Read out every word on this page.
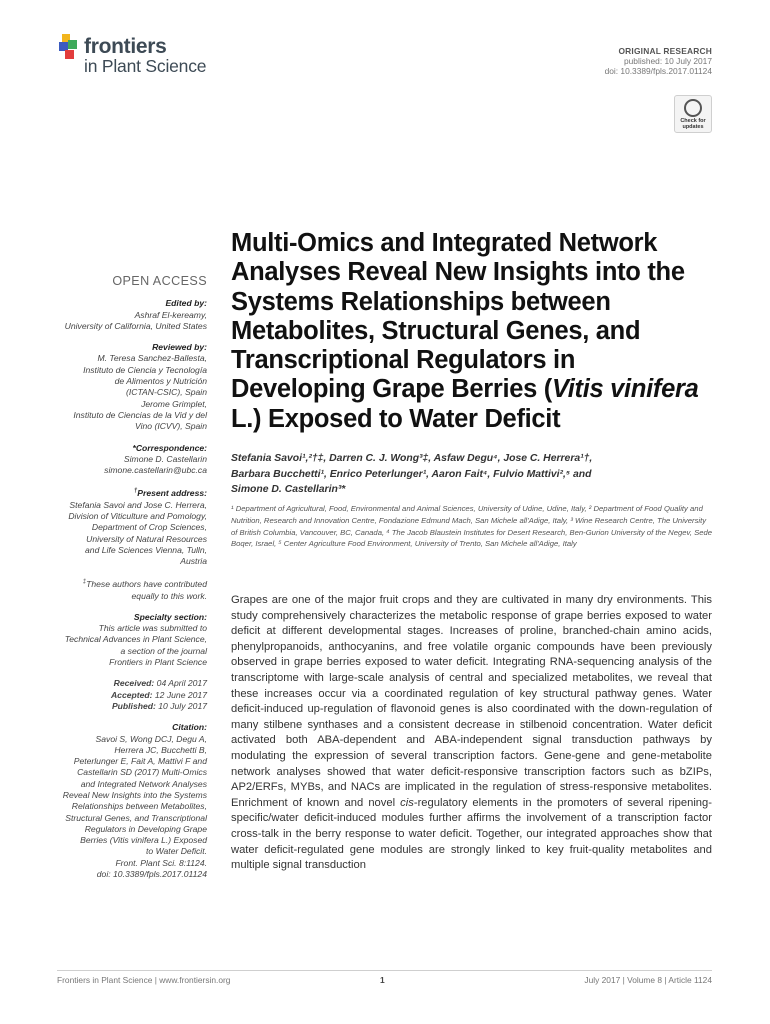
frontiers
in Plant Science
ORIGINAL RESEARCH
published: 10 July 2017
doi: 10.3389/fpls.2017.01124
Check for updates
OPEN ACCESS
Edited by:
Ashraf El-kereamy,
University of California, United States
Reviewed by:
M. Teresa Sanchez-Ballesta,
Instituto de Ciencia y Tecnología
de Alimentos y Nutrición
(ICTAN-CSIC), Spain
Jerome Grimplet,
Instituto de Ciencias de la Vid y del
Vino (ICVV), Spain
*Correspondence:
Simone D. Castellarin
simone.castellarin@ubc.ca
†Present address:
Stefania Savoi and Jose C. Herrera,
Division of Viticulture and Pomology,
Department of Crop Sciences,
University of Natural Resources
and Life Sciences Vienna, Tulln,
Austria
‡These authors have contributed
equally to this work.
Specialty section:
This article was submitted to
Technical Advances in Plant Science,
a section of the journal
Frontiers in Plant Science
Received: 04 April 2017
Accepted: 12 June 2017
Published: 10 July 2017
Citation:
Savoi S, Wong DCJ, Degu A,
Herrera JC, Bucchetti B,
Peterlunger E, Fait A, Mattivi F and
Castellarin SD (2017) Multi-Omics
and Integrated Network Analyses
Reveal New Insights into the Systems
Relationships between Metabolites,
Structural Genes, and Transcriptional
Regulators in Developing Grape
Berries (Vitis vinifera L.) Exposed
to Water Deficit.
Front. Plant Sci. 8:1124.
doi: 10.3389/fpls.2017.01124
Multi-Omics and Integrated Network Analyses Reveal New Insights into the Systems Relationships between Metabolites, Structural Genes, and Transcriptional Regulators in Developing Grape Berries (Vitis vinifera L.) Exposed to Water Deficit
Stefania Savoi¹,²†‡, Darren C. J. Wong³‡, Asfaw Degu⁴, Jose C. Herrera¹†,
Barbara Bucchetti¹, Enrico Peterlunger¹, Aaron Fait⁴, Fulvio Mattivi²,⁵ and
Simone D. Castellarin³*
¹ Department of Agricultural, Food, Environmental and Animal Sciences, University of Udine, Udine, Italy, ² Department of Food Quality and Nutrition, Research and Innovation Centre, Fondazione Edmund Mach, San Michele all'Adige, Italy, ³ Wine Research Centre, The University of British Columbia, Vancouver, BC, Canada, ⁴ The Jacob Blaustein Institutes for Desert Research, Ben-Gurion University of the Negev, Sede Boqer, Israel, ⁵ Center Agriculture Food Environment, University of Trento, San Michele all'Adige, Italy
Grapes are one of the major fruit crops and they are cultivated in many dry environments. This study comprehensively characterizes the metabolic response of grape berries exposed to water deficit at different developmental stages. Increases of proline, branched-chain amino acids, phenylpropanoids, anthocyanins, and free volatile organic compounds have been previously observed in grape berries exposed to water deficit. Integrating RNA-sequencing analysis of the transcriptome with large-scale analysis of central and specialized metabolites, we reveal that these increases occur via a coordinated regulation of key structural pathway genes. Water deficit-induced up-regulation of flavonoid genes is also coordinated with the down-regulation of many stilbene synthases and a consistent decrease in stilbenoid concentration. Water deficit activated both ABA-dependent and ABA-independent signal transduction pathways by modulating the expression of several transcription factors. Gene-gene and gene-metabolite network analyses showed that water deficit-responsive transcription factors such as bZIPs, AP2/ERFs, MYBs, and NACs are implicated in the regulation of stress-responsive metabolites. Enrichment of known and novel cis-regulatory elements in the promoters of several ripening-specific/water deficit-induced modules further affirms the involvement of a transcription factor cross-talk in the berry response to water deficit. Together, our integrated approaches show that water deficit-regulated gene modules are strongly linked to key fruit-quality metabolites and multiple signal transduction
Frontiers in Plant Science | www.frontiersin.org	1	July 2017 | Volume 8 | Article 1124
